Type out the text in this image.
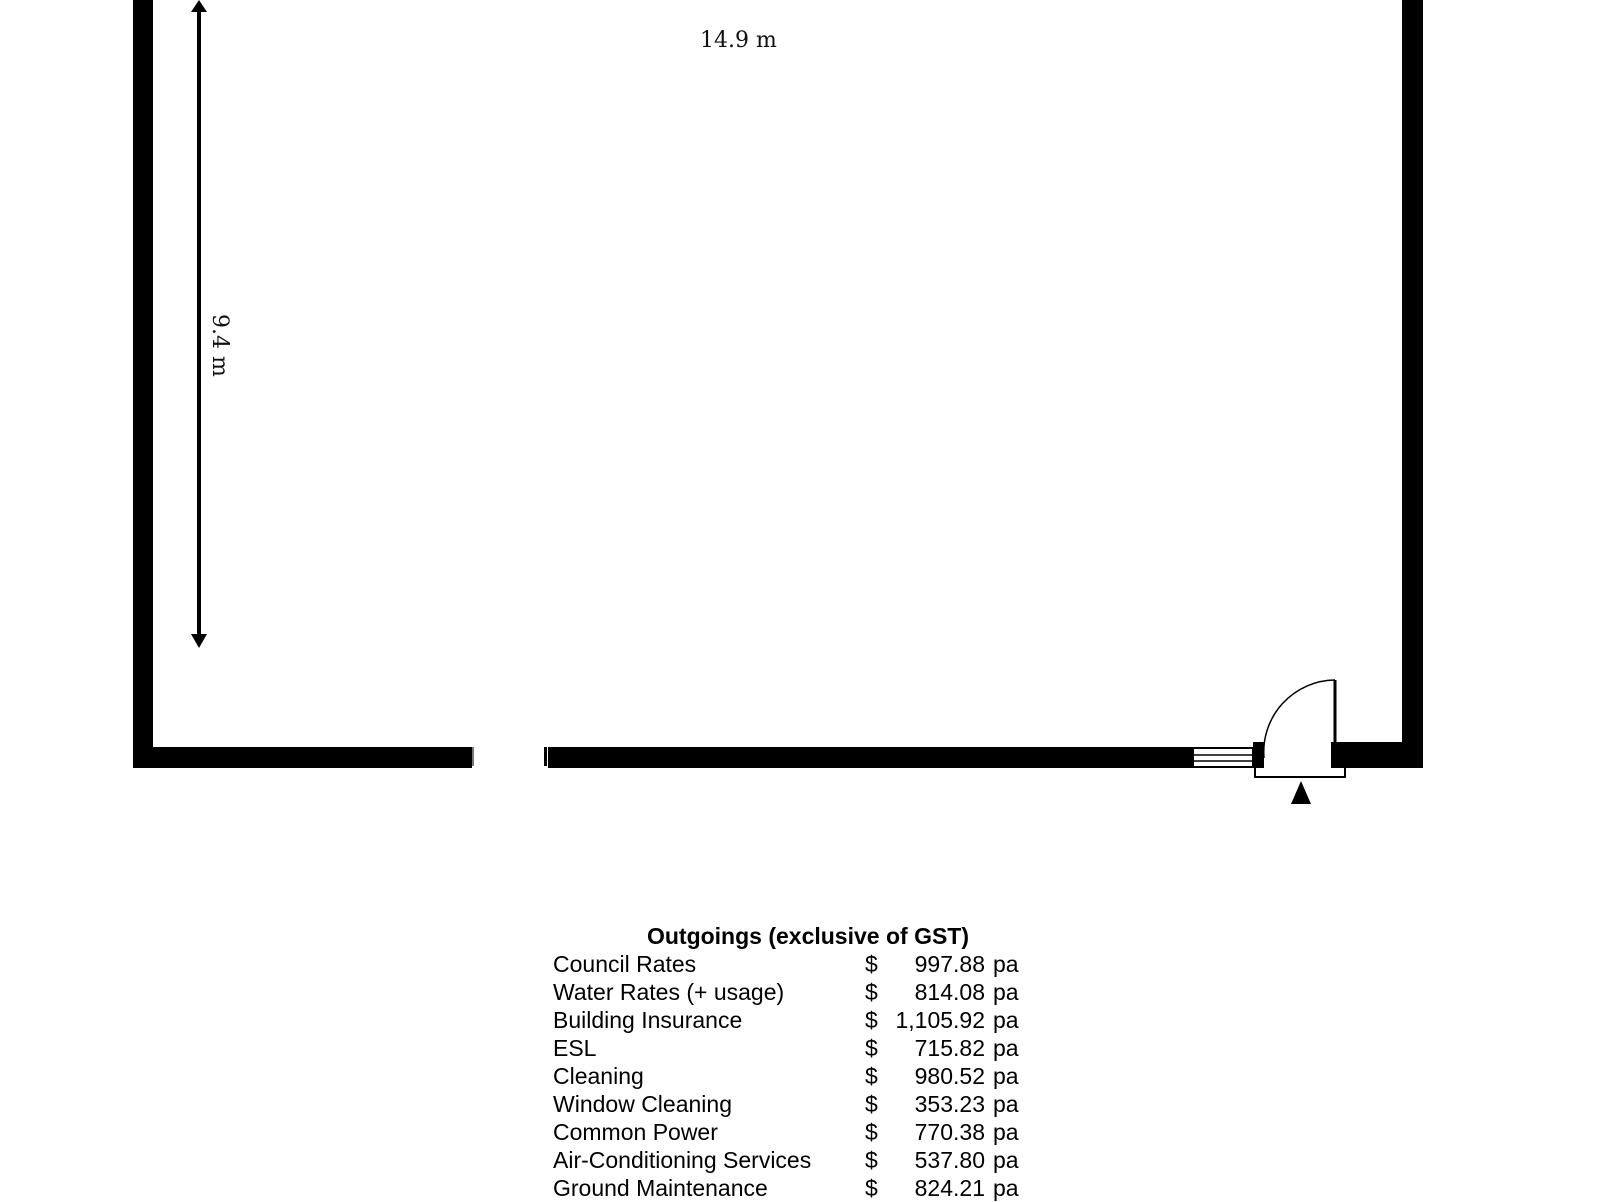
14.9 m
9.4 m
Outgoings (exclusive of GST)
Council Rates	$	997.88 pa
Water Rates (+ usage)	$	814.08 pa
Building Insurance	$ 1,105.92 pa
ESL	$	715.82 pa
Cleaning	$	980.52 pa
Window Cleaning	$	353.23 pa
Common Power	$	770.38 pa
Air-Conditioning Services	$	537.80 pa
Ground Maintenance	$	824.21 pa
